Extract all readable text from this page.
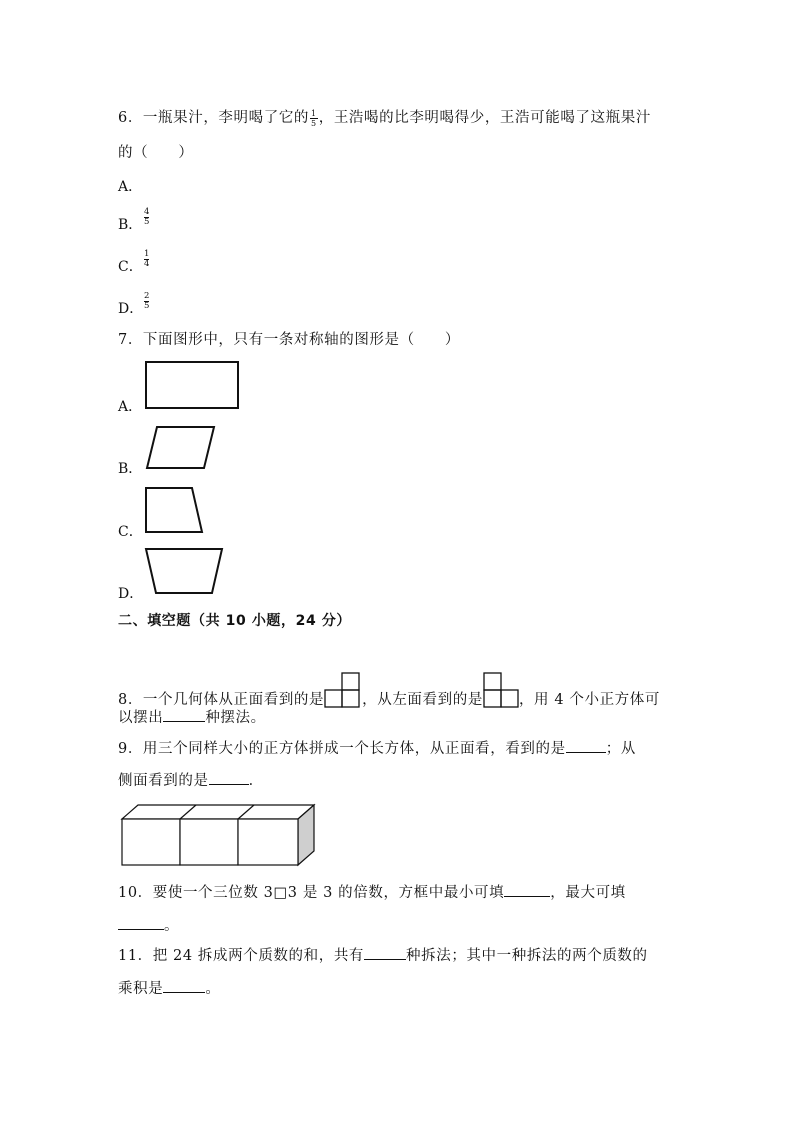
6．一瓶果汁，李明喝了它的 $\frac{1}{5}$ ，王浩喝的比李明喝得少，王浩可能喝了这瓶果汁
的（　　）
A．
B． $\frac{4}{5}$
C． $\frac{1}{4}$
D． $\frac{2}{5}$
7．下面图形中，只有一条对称轴的图形是（　　）
A．
B．
C．
D．
二、填空题（共 10 小题，24 分）
8．一个几何体从正面看到的是	，从左面看到的是 ，用 4 个小正方体可
以摆出	种摆法。
9．用三个同样大小的正方体拼成一个长方体，从正面看，看到的是	；从
侧面看到的是	．
10．要使一个三位数 3□3 是 3 的倍数，方框中最小可填	，最大可填
。
11．把 24 拆成两个质数的和，共有	种拆法；其中一种拆法的两个质数的
乘积是	。
